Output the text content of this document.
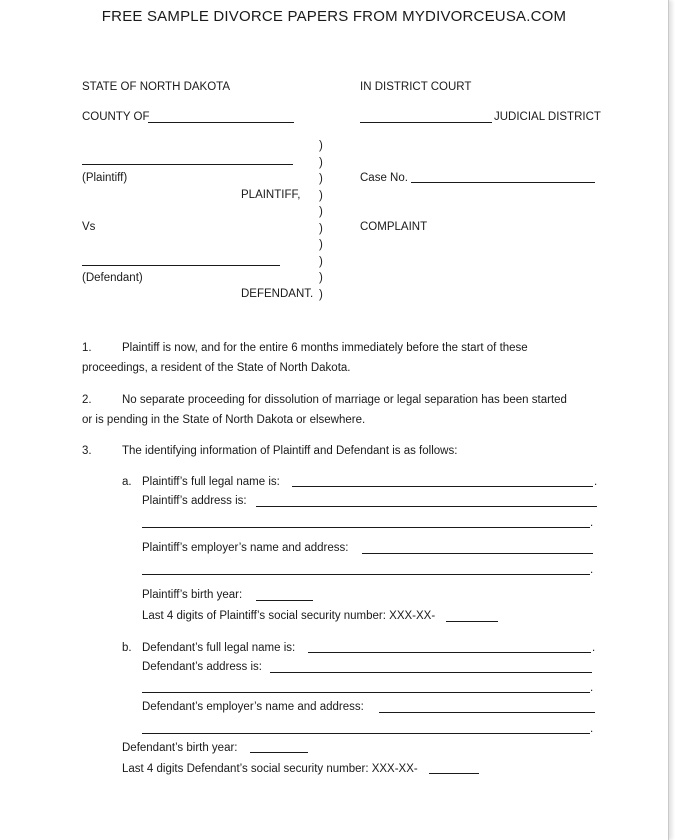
FREE SAMPLE DIVORCE PAPERS FROM MYDIVORCEUSA.COM
STATE OF NORTH DAKOTA	IN DISTRICT COURT
COUNTY OF	JUDICIAL DISTRICT
(Plaintiff)
PLAINTIFF,
Case No.
Vs	COMPLAINT
(Defendant)
DEFENDANT.
)
)
)
)
)
)
)
)
)
)
1.	Plaintiff is now, and for the entire 6 months immediately before the start of these
proceedings, a resident of the State of North Dakota.
2.	No separate proceeding for dissolution of marriage or legal separation has been started
or is pending in the State of North Dakota or elsewhere.
3.	The identifying information of Plaintiff and Defendant is as follows:
a. Plaintiff’s full legal name is:	.
Plaintiff’s address is:
.
Plaintiff’s employer’s name and address:
.
Plaintiff’s birth year:
Last 4 digits of Plaintiff’s social security number: XXX-XX-
b. Defendant’s full legal name is:	.
Defendant’s address is:
.
Defendant’s employer’s name and address:
.
Defendant’s birth year:
Last 4 digits Defendant’s social security number: XXX-XX-
